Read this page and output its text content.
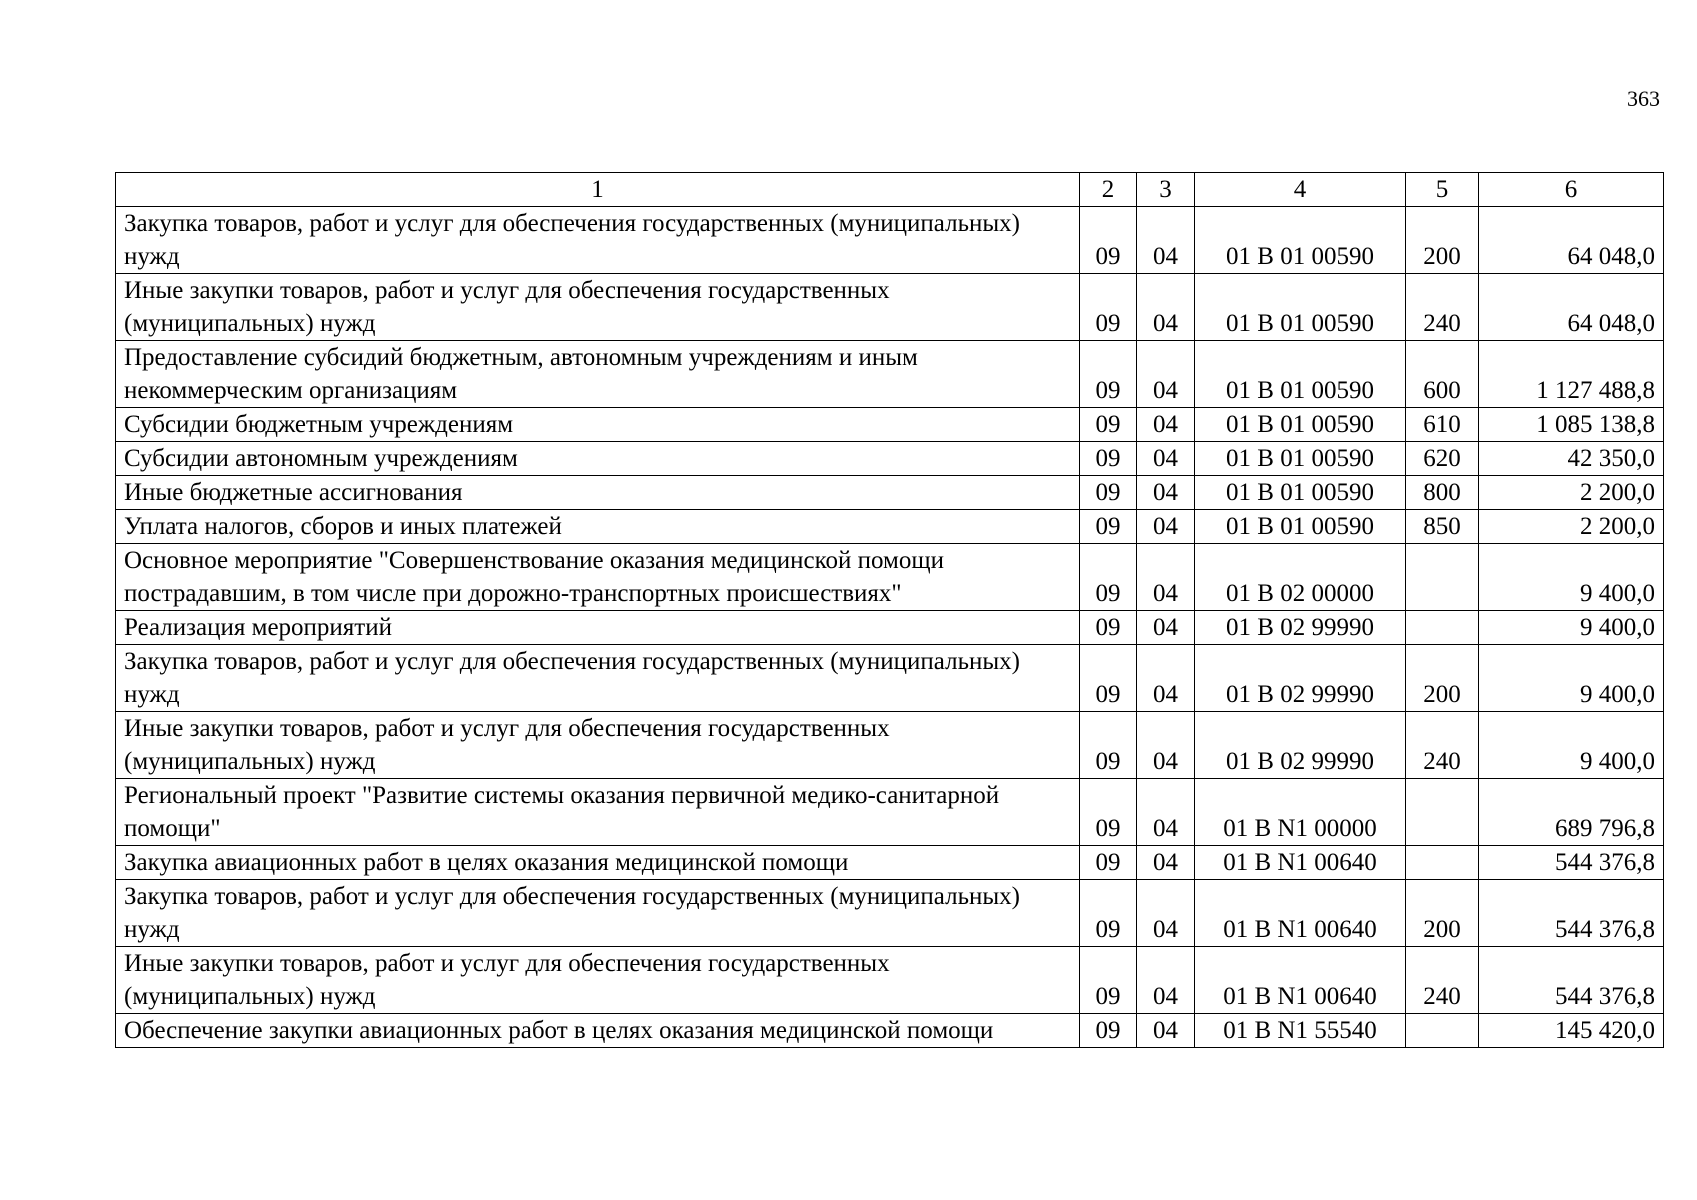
363
1	2	3	4	5	6
Закупка товаров, работ и услуг для обеспечения государственных (муниципальных) нужд	09	04	01 В 01 00590	200	64 048,0
Иные закупки товаров, работ и услуг для обеспечения государственных (муниципальных) нужд	09	04	01 В 01 00590	240	64 048,0
Предоставление субсидий бюджетным, автономным учреждениям и иным некоммерческим организациям	09	04	01 В 01 00590	600	1 127 488,8
Субсидии бюджетным учреждениям	09	04	01 В 01 00590	610	1 085 138,8
Субсидии автономным учреждениям	09	04	01 В 01 00590	620	42 350,0
Иные бюджетные ассигнования	09	04	01 В 01 00590	800	2 200,0
Уплата налогов, сборов и иных платежей	09	04	01 В 01 00590	850	2 200,0
Основное мероприятие "Совершенствование оказания медицинской помощи пострадавшим, в том числе при дорожно-транспортных происшествиях"	09	04	01 В 02 00000		9 400,0
Реализация мероприятий	09	04	01 В 02 99990		9 400,0
Закупка товаров, работ и услуг для обеспечения государственных (муниципальных) нужд	09	04	01 В 02 99990	200	9 400,0
Иные закупки товаров, работ и услуг для обеспечения государственных (муниципальных) нужд	09	04	01 В 02 99990	240	9 400,0
Региональный проект "Развитие системы оказания первичной медико-санитарной помощи"	09	04	01 В N1 00000		689 796,8
Закупка авиационных работ в целях оказания медицинской помощи	09	04	01 В N1 00640		544 376,8
Закупка товаров, работ и услуг для обеспечения государственных (муниципальных) нужд	09	04	01 В N1 00640	200	544 376,8
Иные закупки товаров, работ и услуг для обеспечения государственных (муниципальных) нужд	09	04	01 В N1 00640	240	544 376,8
Обеспечение закупки авиационных работ в целях оказания медицинской помощи	09	04	01 В N1 55540		145 420,0
